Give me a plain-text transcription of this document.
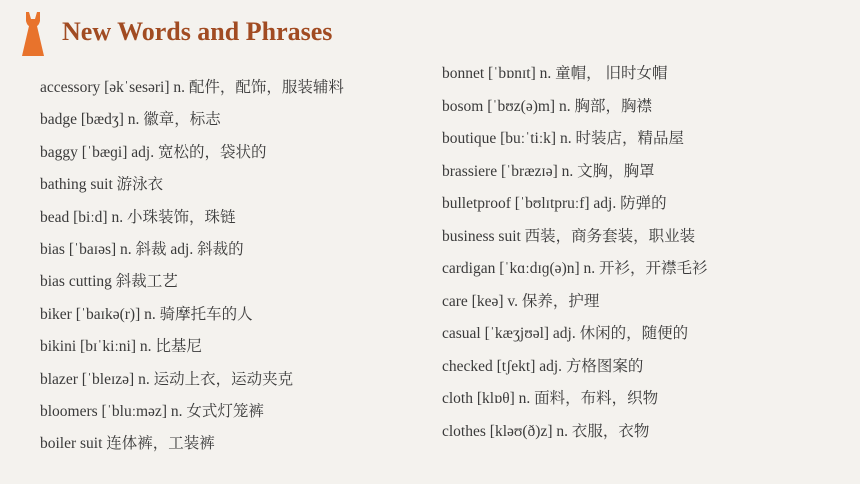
New Words and Phrases
accessory [əkˈsesəri] n. 配件，配饰，服装辅料
badge [bædʒ] n. 徽章，标志
baggy [ˈbæɡi] adj. 宽松的，袋状的
bathing suit 游泳衣
bead [biːd] n. 小珠装饰，珠链
bias [ˈbaɪəs] n. 斜裁 adj. 斜裁的
bias cutting 斜裁工艺
biker [ˈbaɪkə(r)] n. 骑摩托车的人
bikini [bɪˈkiːni] n. 比基尼
blazer [ˈbleɪzə] n. 运动上衣，运动夹克
bloomers [ˈbluːməz] n. 女式灯笼裤
boiler suit 连体裤，工装裤
bonnet [ˈbɒnɪt] n. 童帽， 旧时女帽
bosom [ˈbʊz(ə)m] n. 胸部，胸襟
boutique [buːˈtiːk] n. 时装店，精品屋
brassiere [ˈbræzɪə] n. 文胸，胸罩
bulletproof [ˈbʊlɪtpruːf] adj. 防弹的
business suit 西装，商务套装，职业装
cardigan [ˈkɑːdɪɡ(ə)n] n. 开衫，开襟毛衫
care [keə] v. 保养，护理
casual [ˈkæʒjʊəl] adj. 休闲的，随便的
checked [tʃekt] adj. 方格图案的
cloth [klɒθ] n. 面料，布料，织物
clothes [kləʊ(ð)z] n. 衣服，衣物
